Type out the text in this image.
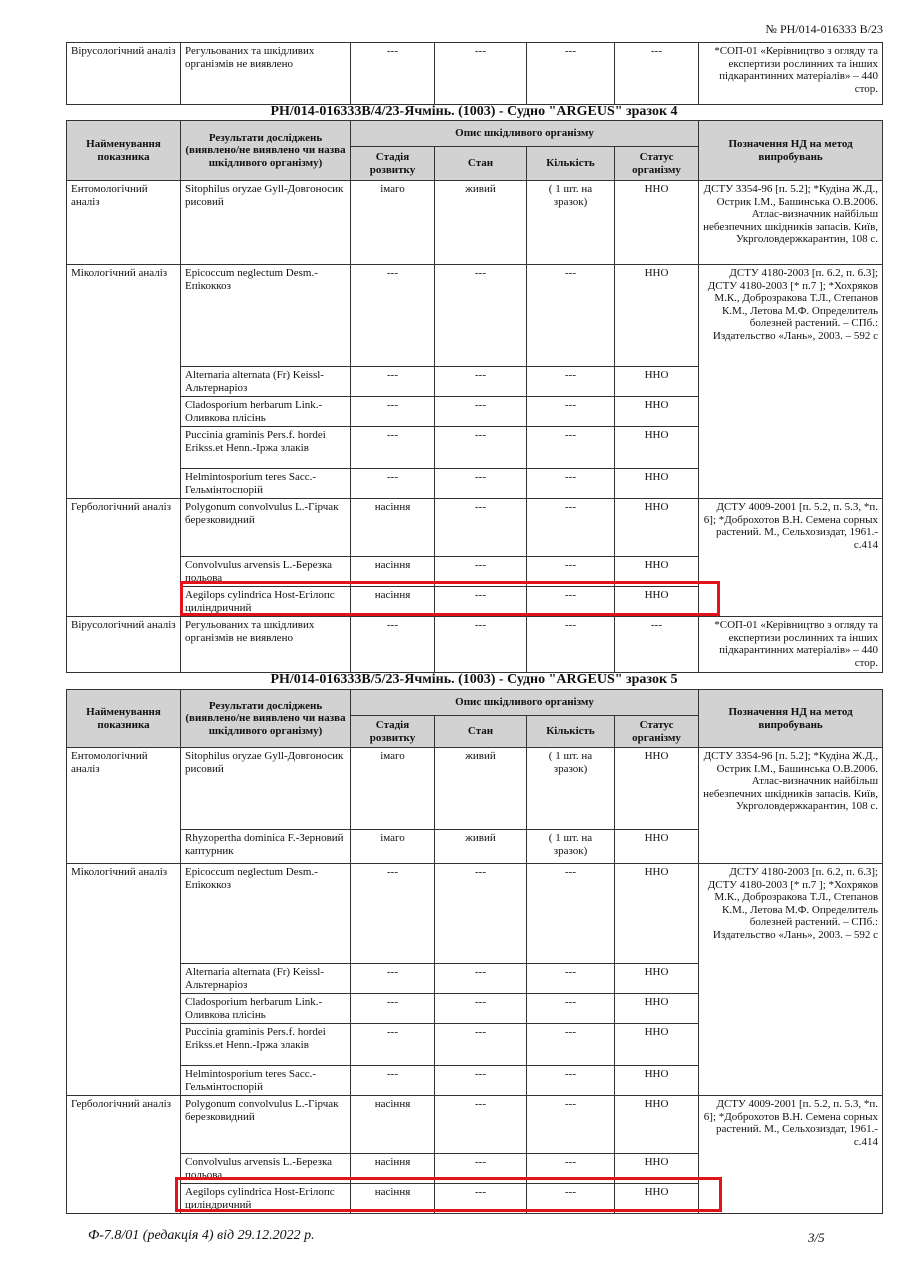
№ РН/014-016333 В/23
Вірусологічний аналіз	Регульованих та шкідливих організмів не виявлено	---	---	---	---	*СОП-01 «Керівництво з огляду та експертизи рослинних та інших підкарантинних матеріалів» – 440 стор.
РН/014-016333В/4/23-Ячмінь. (1003) - Судно "ARGEUS" зразок 4
Найменування показника	Результати досліджень (виявлено/не виявлено чи назва шкідливого організму)	Опис шкідливого організму				Позначення НД на метод випробувань
		Стадія розвитку	Стан	Кількість	Статус організму	
Ентомологічний аналіз	Sitophilus oryzae Gyll-Довгоносик рисовий	імаго	живий	( 1 шт. на зразок)	ННО	ДСТУ 3354-96 [п. 5.2]; *Кудіна Ж.Д., Острик І.М., Башинська О.В.2006. Атлас-визначник найбільш небезпечних шкідників запасів. Київ, Укрголовдержкарантин, 108 с.
Мікологічний аналіз	Epicoccum neglectum Desm.-Епікоккоз	---	---	---	ННО	ДСТУ 4180-2003 [п. 6.2, п. 6.3]; ДСТУ 4180-2003 [* п.7 ]; *Хохряков М.К., Доброзракова Т.Л., Степанов К.М., Летова М.Ф. Определитель болезней растений. – СПб.: Издательство «Лань», 2003. – 592 с
	Alternaria alternata (Fr) Keissl-Альтернаріоз	---	---	---	ННО	
	Cladosporium herbarum Link.-Оливкова плісінь	---	---	---	ННО	
	Puccinia graminis Pers.f. hordei Erikss.et Henn.-Іржа злаків	---	---	---	ННО	
	Helmintosporium teres Sacc.-Гельмінтоспорій	---	---	---	ННО	
Гербологічний аналіз	Polygonum convolvulus L.-Гірчак березковидний	насіння	---	---	ННО	ДСТУ 4009-2001 [п. 5.2, п. 5.3, *п. 6]; *Доброхотов В.Н. Семена сорных растений. М., Сельхозиздат, 1961.- с.414
	Convolvulus arvensis L.-Березка польова	насіння	---	---	ННО	
	Aegilops cylindrica Host-Егілопс циліндричний	насіння	---	---	ННО	
Вірусологічний аналіз	Регульованих та шкідливих організмів не виявлено	---	---	---	---	*СОП-01 «Керівництво з огляду та експертизи рослинних та інших підкарантинних матеріалів» – 440 стор.
РН/014-016333В/5/23-Ячмінь. (1003) - Судно "ARGEUS" зразок 5
Найменування показника	Результати досліджень (виявлено/не виявлено чи назва шкідливого організму)	Опис шкідливого організму				Позначення НД на метод випробувань
		Стадія розвитку	Стан	Кількість	Статус організму	
Ентомологічний аналіз	Sitophilus oryzae Gyll-Довгоносик рисовий	імаго	живий	( 1 шт. на зразок)	ННО	ДСТУ 3354-96 [п. 5.2]; *Кудіна Ж.Д., Острик І.М., Башинська О.В.2006. Атлас-визначник найбільш небезпечних шкідників запасів. Київ, Укрголовдержкарантин, 108 с.
	Rhyzopertha dominica F.-Зерновий каптурник	імаго	живий	( 1 шт. на зразок)	ННО	
Мікологічний аналіз	Epicoccum neglectum Desm.-Епікоккоз	---	---	---	ННО	ДСТУ 4180-2003 [п. 6.2, п. 6.3]; ДСТУ 4180-2003 [* п.7 ]; *Хохряков М.К., Доброзракова Т.Л., Степанов К.М., Летова М.Ф. Определитель болезней растений. – СПб.: Издательство «Лань», 2003. – 592 с
	Alternaria alternata (Fr) Keissl-Альтернаріоз	---	---	---	ННО	
	Cladosporium herbarum Link.-Оливкова плісінь	---	---	---	ННО	
	Puccinia graminis Pers.f. hordei Erikss.et Henn.-Іржа злаків	---	---	---	ННО	
	Helmintosporium teres Sacc.-Гельмінтоспорій	---	---	---	ННО	
Гербологічний аналіз	Polygonum convolvulus L.-Гірчак березковидний	насіння	---	---	ННО	ДСТУ 4009-2001 [п. 5.2, п. 5.3, *п. 6]; *Доброхотов В.Н. Семена сорных растений. М., Сельхозиздат, 1961.- с.414
	Convolvulus arvensis L.-Березка польова	насіння	---	---	ННО	
	Aegilops cylindrica Host-Егілопс циліндричний	насіння	---	---	ННО	
Ф-7.8/01 (редакція 4) від 29.12.2022 р.	3/5
